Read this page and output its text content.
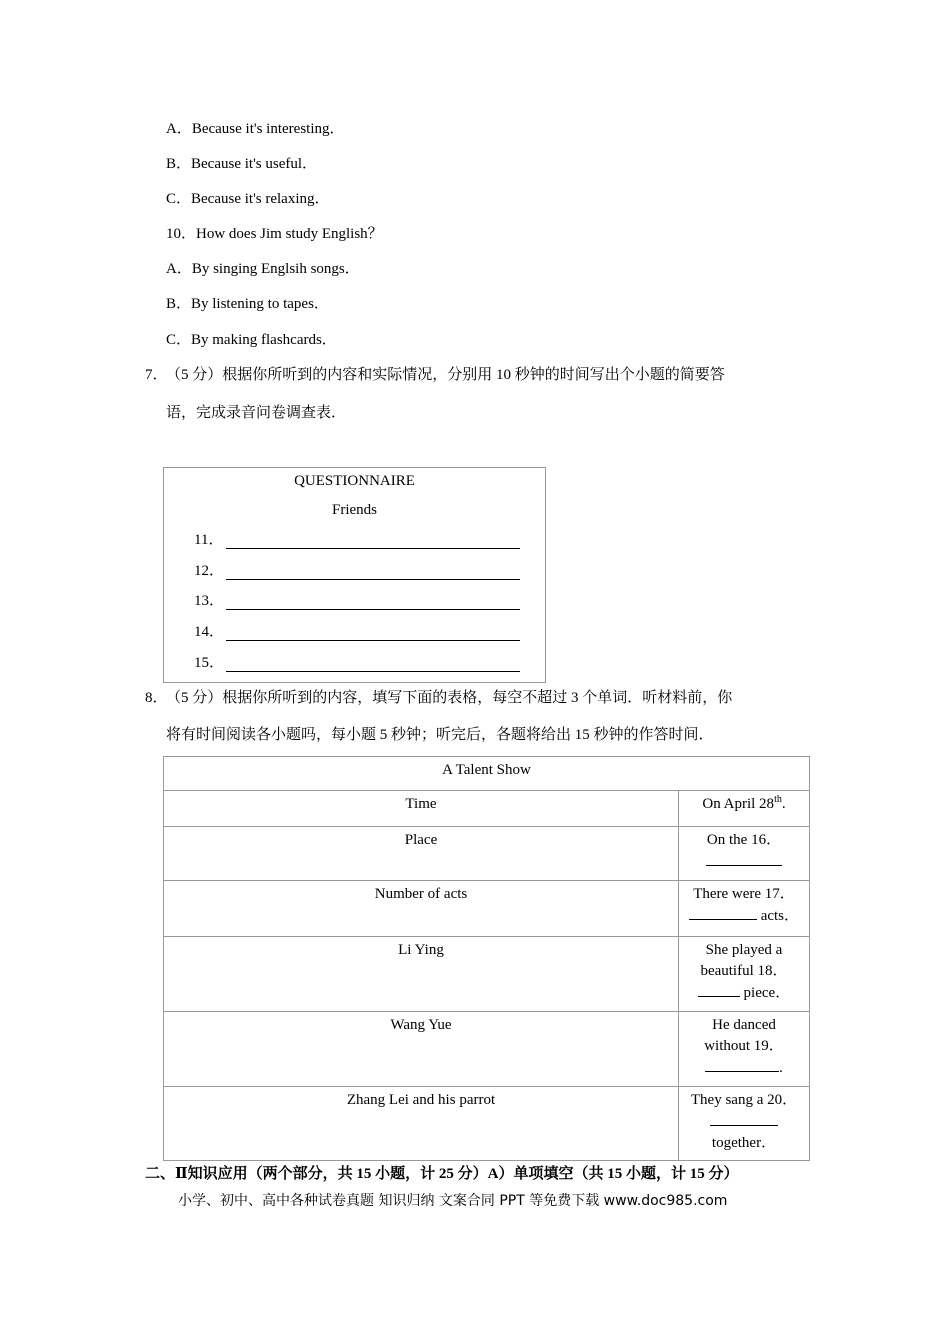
A．Because it's interesting．
B．Because it's useful．
C．Because it's relaxing．
10．How does Jim study English？
A．By singing Englsih songs．
B．By listening to tapes．
C．By making flashcards．
7．
（5 分）根据你所听到的内容和实际情况，分别用 10 秒钟的时间写出个小题的简要答
语，完成录音问卷调查表．
QUESTIONNAIRE
Friends
11．
12．
13．
14．
15．
8．
（5 分）根据你所听到的内容，填写下面的表格，每空不超过 3 个单词．听材料前，你
将有时间阅读各小题吗，每小题 5 秒钟；听完后，各题将给出 15 秒钟的作答时间．
A Talent Show	
Time	On April 28th.
Place	On the 16．

Number of acts	There were 17．
acts．

Li Ying	She played a
beautiful 18．
piece．

Wang Yue	He danced
without 19．
.

Zhang Lei and his parrot	They sang a 20．
together．
二、Ⅱ知识应用（两个部分，共 15 小题，计 25 分）A）单项填空（共 15 小题，计 15 分）
小学、初中、高中各种试卷真题 知识归纳 文案合同 PPT 等免费下载 www.doc985.com
